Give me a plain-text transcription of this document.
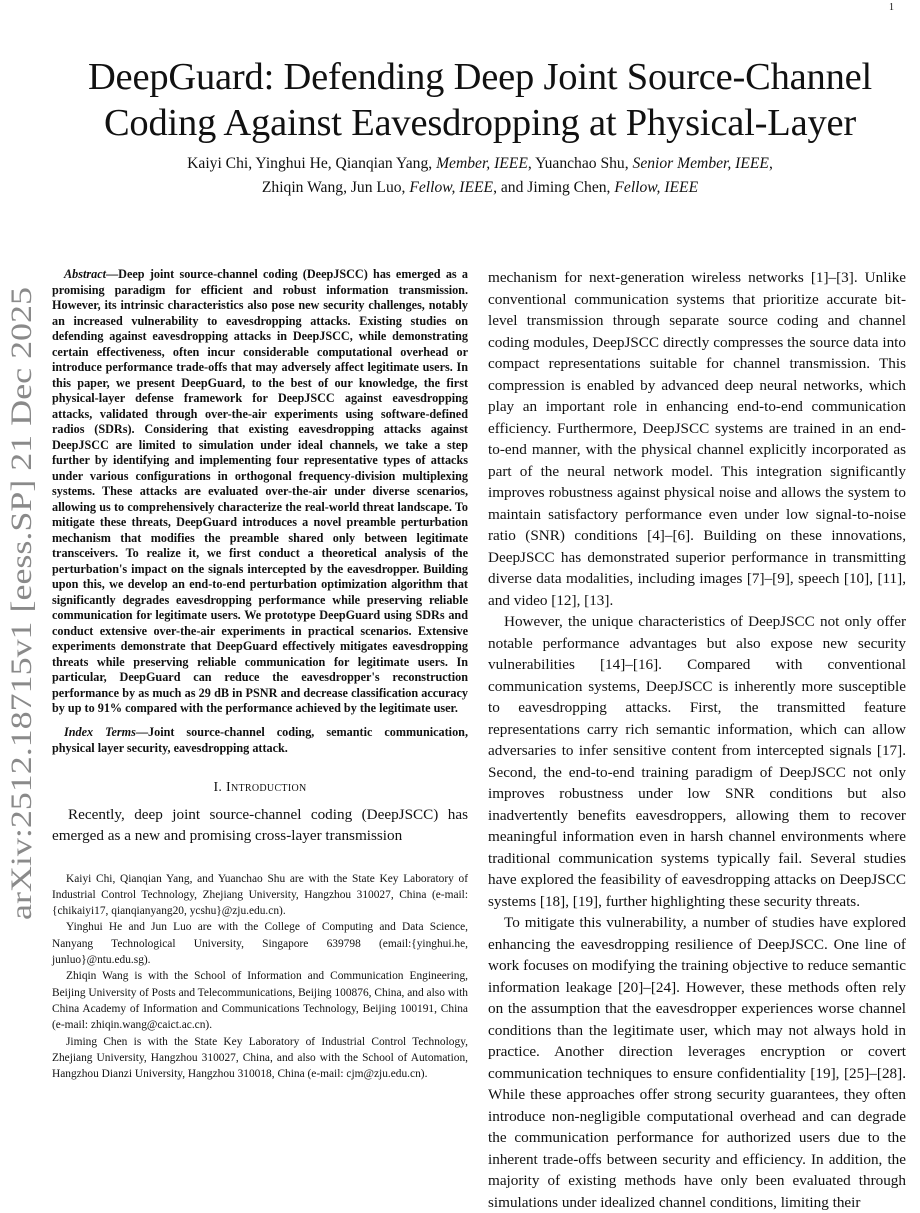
1
arXiv:2512.18715v1 [eess.SP] 21 Dec 2025
DeepGuard: Defending Deep Joint Source-Channel
Coding Against Eavesdropping at Physical-Layer
Kaiyi Chi, Yinghui He, Qianqian Yang, Member, IEEE, Yuanchao Shu, Senior Member, IEEE,
Zhiqin Wang, Jun Luo, Fellow, IEEE, and Jiming Chen, Fellow, IEEE

Abstract—Deep joint source-channel coding (DeepJSCC) has emerged as a promising paradigm for efficient and robust information transmission. However, its intrinsic characteristics also pose new security challenges, notably an increased vulnerability to eavesdropping attacks. Existing studies on defending against eavesdropping attacks in DeepJSCC, while demonstrating certain effectiveness, often incur considerable computational overhead or introduce performance trade-offs that may adversely affect legitimate users. In this paper, we present DeepGuard, to the best of our knowledge, the first physical-layer defense framework for DeepJSCC against eavesdropping attacks, validated through over-the-air experiments using software-defined radios (SDRs). Considering that existing eavesdropping attacks against DeepJSCC are limited to simulation under ideal channels, we take a step further by identifying and implementing four representative types of attacks under various configurations in orthogonal frequency-division multiplexing systems. These attacks are evaluated over-the-air under diverse scenarios, allowing us to comprehensively characterize the real-world threat landscape. To mitigate these threats, DeepGuard introduces a novel preamble perturbation mechanism that modifies the preamble shared only between legitimate transceivers. To realize it, we first conduct a theoretical analysis of the perturbation's impact on the signals intercepted by the eavesdropper. Building upon this, we develop an end-to-end perturbation optimization algorithm that significantly degrades eavesdropping performance while preserving reliable communication for legitimate users. We prototype DeepGuard using SDRs and conduct extensive over-the-air experiments in practical scenarios. Extensive experiments demonstrate that DeepGuard effectively mitigates eavesdropping threats while preserving reliable communication for legitimate users. In particular, DeepGuard can reduce the eavesdropper's reconstruction performance by as much as 29 dB in PSNR and decrease classification accuracy by up to 91% compared with the performance achieved by the legitimate user.

Index Terms—Joint source-channel coding, semantic communication, physical layer security, eavesdropping attack.

I. Introduction

Recently, deep joint source-channel coding (DeepJSCC) has emerged as a new and promising cross-layer transmission

Kaiyi Chi, Qianqian Yang, and Yuanchao Shu are with the State Key Laboratory of Industrial Control Technology, Zhejiang University, Hangzhou 310027, China (e-mail:{chikaiyi17, qianqianyang20, ycshu}@zju.edu.cn).

Yinghui He and Jun Luo are with the College of Computing and Data Science, Nanyang Technological University, Singapore 639798 (email:{yinghui.he, junluo}@ntu.edu.sg).

Zhiqin Wang is with the School of Information and Communication Engineering, Beijing University of Posts and Telecommunications, Beijing 100876, China, and also with China Academy of Information and Communications Technology, Beijing 100191, China (e-mail: zhiqin.wang@caict.ac.cn).

Jiming Chen is with the State Key Laboratory of Industrial Control Technology, Zhejiang University, Hangzhou 310027, China, and also with the School of Automation, Hangzhou Dianzi University, Hangzhou 310018, China (e-mail: cjm@zju.edu.cn).

mechanism for next-generation wireless networks [1]–[3]. Unlike conventional communication systems that prioritize accurate bit-level transmission through separate source coding and channel coding modules, DeepJSCC directly compresses the source data into compact representations suitable for channel transmission. This compression is enabled by advanced deep neural networks, which play an important role in enhancing end-to-end communication efficiency. Furthermore, DeepJSCC systems are trained in an end-to-end manner, with the physical channel explicitly incorporated as part of the neural network model. This integration significantly improves robustness against physical noise and allows the system to maintain satisfactory performance even under low signal-to-noise ratio (SNR) conditions [4]–[6]. Building on these innovations, DeepJSCC has demonstrated superior performance in transmitting diverse data modalities, including images [7]–[9], speech [10], [11], and video [12], [13].

However, the unique characteristics of DeepJSCC not only offer notable performance advantages but also expose new security vulnerabilities [14]–[16]. Compared with conventional communication systems, DeepJSCC is inherently more susceptible to eavesdropping attacks. First, the transmitted feature representations carry rich semantic information, which can allow adversaries to infer sensitive content from intercepted signals [17]. Second, the end-to-end training paradigm of DeepJSCC not only improves robustness under low SNR conditions but also inadvertently benefits eavesdroppers, allowing them to recover meaningful information even in harsh channel environments where traditional communication systems typically fail. Several studies have explored the feasibility of eavesdropping attacks on DeepJSCC systems [18], [19], further highlighting these security threats.

To mitigate this vulnerability, a number of studies have explored enhancing the eavesdropping resilience of DeepJSCC. One line of work focuses on modifying the training objective to reduce semantic information leakage [20]–[24]. However, these methods often rely on the assumption that the eavesdropper experiences worse channel conditions than the legitimate user, which may not always hold in practice. Another direction leverages encryption or covert communication techniques to ensure confidentiality [19], [25]–[28]. While these approaches offer strong security guarantees, they often introduce non-negligible computational overhead and can degrade the communication performance for authorized users due to the inherent trade-offs between security and efficiency. In addition, the majority of existing methods have only been evaluated through simulations under idealized channel conditions, limiting their
